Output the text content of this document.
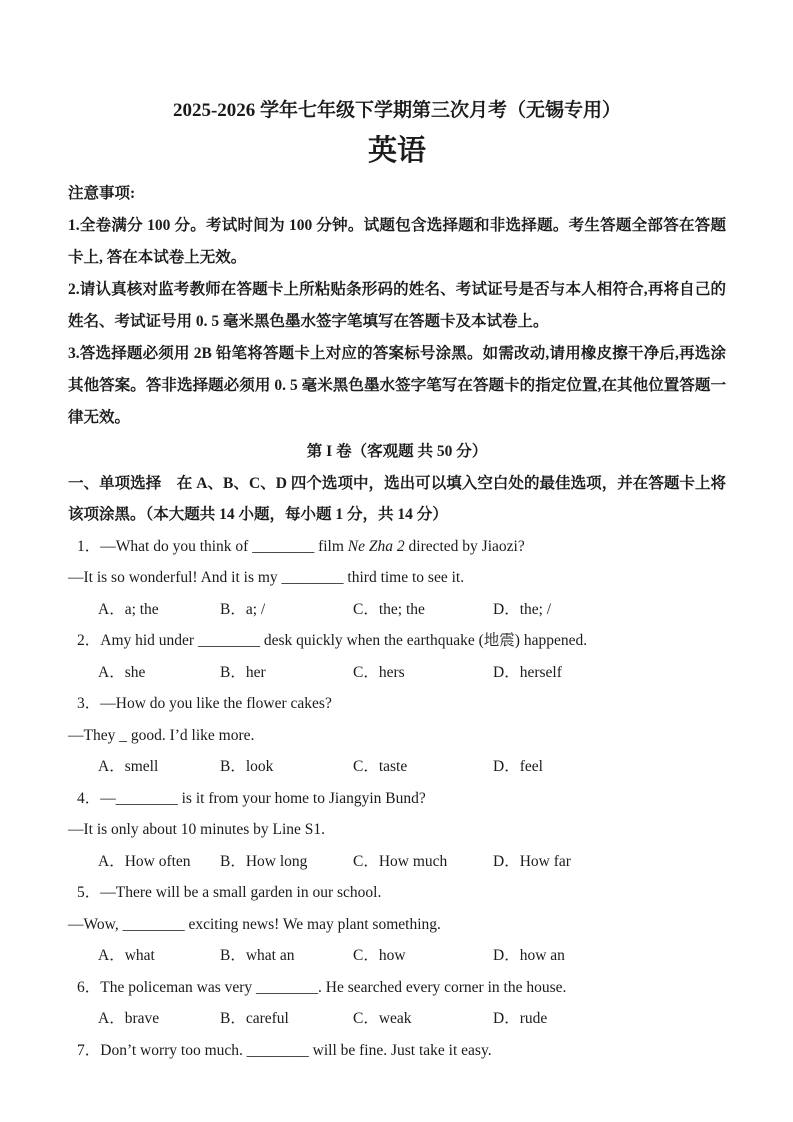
2025-2026 学年七年级下学期第三次月考（无锡专用）
英语
注意事项:

1.全卷满分 100 分。考试时间为 100 分钟。试题包含选择题和非选择题。考生答题全部答在答题卡上, 答在本试卷上无效。

2.请认真核对监考教师在答题卡上所粘贴条形码的姓名、考试证号是否与本人相符合,再将自己的姓名、考试证号用 0. 5 毫米黑色墨水签字笔填写在答题卡及本试卷上。

3.答选择题必须用 2B 铅笔将答题卡上对应的答案标号涂黑。如需改动,请用橡皮擦干净后,再选涂其他答案。答非选择题必须用 0. 5 毫米黑色墨水签字笔写在答题卡的指定位置,在其他位置答题一律无效。

第 I 卷（客观题 共 50 分）

一、单项选择　在 A、B、C、D 四个选项中，选出可以填入空白处的最佳选项，并在答题卡上将该项涂黑。（本大题共 14 小题，每小题 1 分，共 14 分）

1．—What do you think of ________ film Ne Zha 2 directed by Jiaozi?
—It is so wonderful! And it is my ________ third time to see it.
A．a; the	B．a; /	C．the; the	D．the; /
2．Amy hid under ________ desk quickly when the earthquake (地震) happened.
A．she	B．her	C．hers	D．herself
3．—How do you like the flower cakes?
—They _ good. I’d like more.
A．smell	B．look	C．taste	D．feel
4．—________ is it from your home to Jiangyin Bund?
—It is only about 10 minutes by Line S1.
A．How often	B．How long	C．How much	D．How far
5．—There will be a small garden in our school.
—Wow, ________ exciting news! We may plant something.
A．what	B．what an	C．how	D．how an
6．The policeman was very ________. He searched every corner in the house.
A．brave	B．careful	C．weak	D．rude
7．Don’t worry too much. ________ will be fine. Just take it easy.
